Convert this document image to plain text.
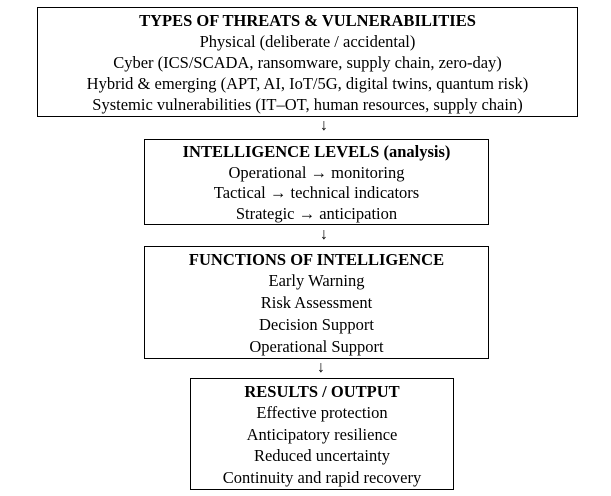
TYPES OF THREATS & VULNERABILITIES
Physical (deliberate / accidental)
Cyber (ICS/SCADA, ransomware, supply chain, zero-day)
Hybrid & emerging (APT, AI, IoT/5G, digital twins, quantum risk)
Systemic vulnerabilities (IT–OT, human resources, supply chain)
↓
INTELLIGENCE LEVELS (analysis)
Operational → monitoring
Tactical → technical indicators
Strategic → anticipation
↓
FUNCTIONS OF INTELLIGENCE
Early Warning
Risk Assessment
Decision Support
Operational Support
↓
RESULTS / OUTPUT
Effective protection
Anticipatory resilience
Reduced uncertainty
Continuity and rapid recovery
